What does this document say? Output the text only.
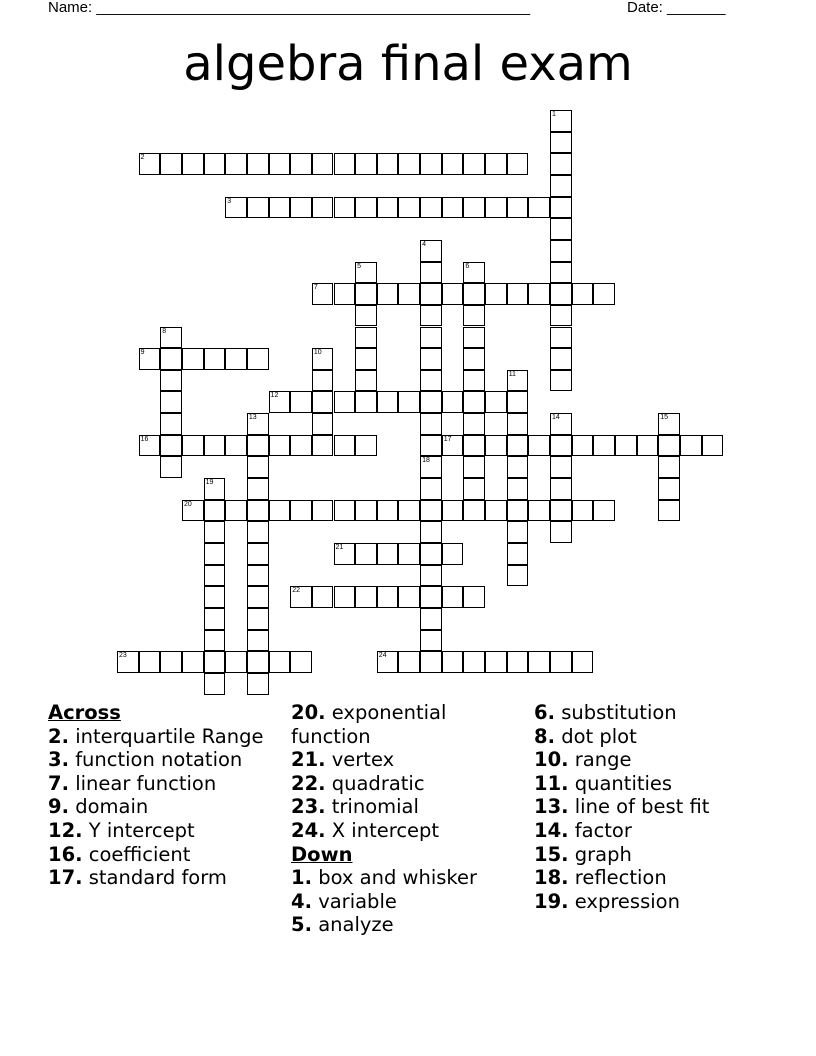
Name: ____________________________________________________	Date: _______
algebra final exam
1
2
3
4
18
5	6
7
8
9	10
11
12
13	14	15
16	17
19
20
21
22
23	24
Across
2. interquartile Range
3. function notation
7. linear function
9. domain
12. Y intercept
16. coefficient
17. standard form
20. exponential function
21. vertex
22. quadratic
23. trinomial
24. X intercept
Down
1. box and whisker
4. variable
5. analyze
6. substitution
8. dot plot
10. range
11. quantities
13. line of best fit
14. factor
15. graph
18. reflection
19. expression
